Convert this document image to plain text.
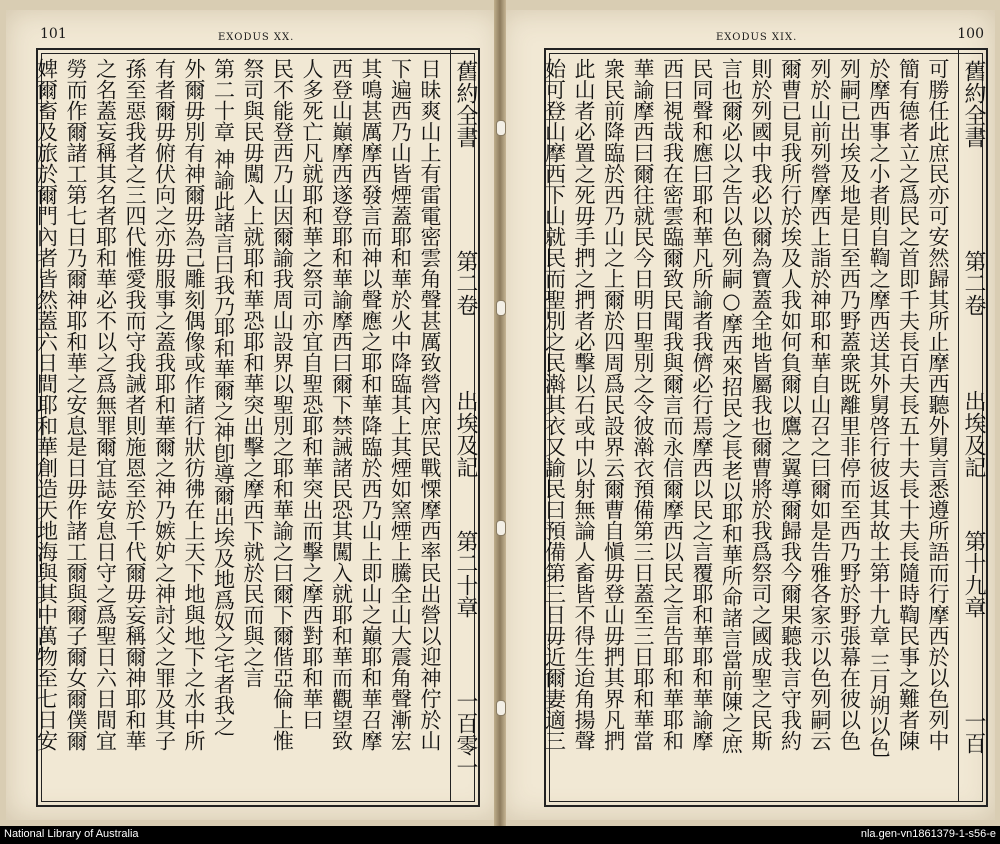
101	EXODUS XX.
日昧爽山上有雷電密雲角聲甚厲致營內庶民戰慄摩西率民出營以迎神佇於山
下遍西乃山皆煙蓋耶和華於火中降臨其上其煙如窯煙上騰全山大震角聲漸宏
其鳴甚厲摩西發言而神以聲應之耶和華降臨於西乃山上即山之巔耶和華召摩
西登山巔摩西遂登耶和華諭摩西曰爾下禁誡諸民恐其闖入就耶和華而觀望致
人多死亡凡就耶和華之祭司亦宜自聖恐耶和華突出而擊之摩西對耶和華曰
民不能登西乃山因爾諭我周山設界以聖別之耶和華諭之曰爾下爾偕亞倫上惟
祭司與民毋闖入上就耶和華恐耶和華突出擊之摩西下就於民而與之言
第二十章 神諭此諸言曰我乃耶和華爾之神卽導爾出埃及地爲奴之宅者我之
外爾毋別有神爾毋為己雕刻偶像或作諸行狀彷彿在上天下地與地下之水中所
有者爾毋俯伏向之亦毋服事之蓋我耶和華爾之神乃嫉妒之神討父之罪及其子
孫至惡我者之三四代惟愛我而守我誡者則施恩至於千代爾毋妄稱爾神耶和華
之名蓋妄稱其名者耶和華必不以之爲無罪爾宜誌安息日守之爲聖日六日間宜
勞而作爾諸工第七日乃爾神耶和華之安息是日毋作諸工爾與爾子爾女爾僕爾
婢爾畜及旅於爾門內者皆然蓋六日間耶和華創造天地海與其中萬物至七日安	舊約全書
第二卷
出埃及記
第二十章
一百零一
100
EXODUS XIX.
可勝任此庶民亦可安然歸其所止摩西聽外舅言悉遵所語而行摩西於以色列中
簡有德者立之爲民之首即千夫長百夫長五十夫長十夫長隨時鞫民事之難者陳
於摩西事之小者則自鞫之摩西送其外舅啓行彼返其故土第十九章 三月朔以色
列嗣已出埃及地是日至西乃野蓋衆既離里非停而至西乃野於野張幕在彼以色
列於山前列營摩西上詣於神耶和華自山召之曰爾如是告雅各家示以色列嗣云
爾曹已見我所行於埃及人我如何負爾以鷹之翼導爾歸我今爾果聽我言守我約
則於列國中我必以爾為寶蓋全地皆屬我也爾曹將於我爲祭司之國成聖之民斯
言也爾必以之告以色列嗣○摩西來招民之長老以耶和華所命諸言當前陳之庶
民同聲和應曰耶和華凡所諭者我儕必行焉摩西以民之言覆耶和華耶和華諭摩
西曰視哉我在密雲臨爾致民聞我與爾言而永信爾摩西以民之言告耶和華耶和
華諭摩西曰爾往就民今日明日聖別之令彼濣衣預備第三日蓋至三日耶和華當
衆民前降臨於西乃山之上爾於四周爲民設界云爾曹自愼毋登山毋捫其界凡捫
此山者必置之死毋手捫之捫者必擊以石或中以射無論人畜皆不得生迨角揚聲
始可登山摩西下山就民而聖別之民濣其衣又諭民曰預備第三日毋近爾妻適三	舊約全書
第二卷
出埃及記
第十九章
一百
National Library of Australia	nla.gen-vn1861379-1-s56-e
